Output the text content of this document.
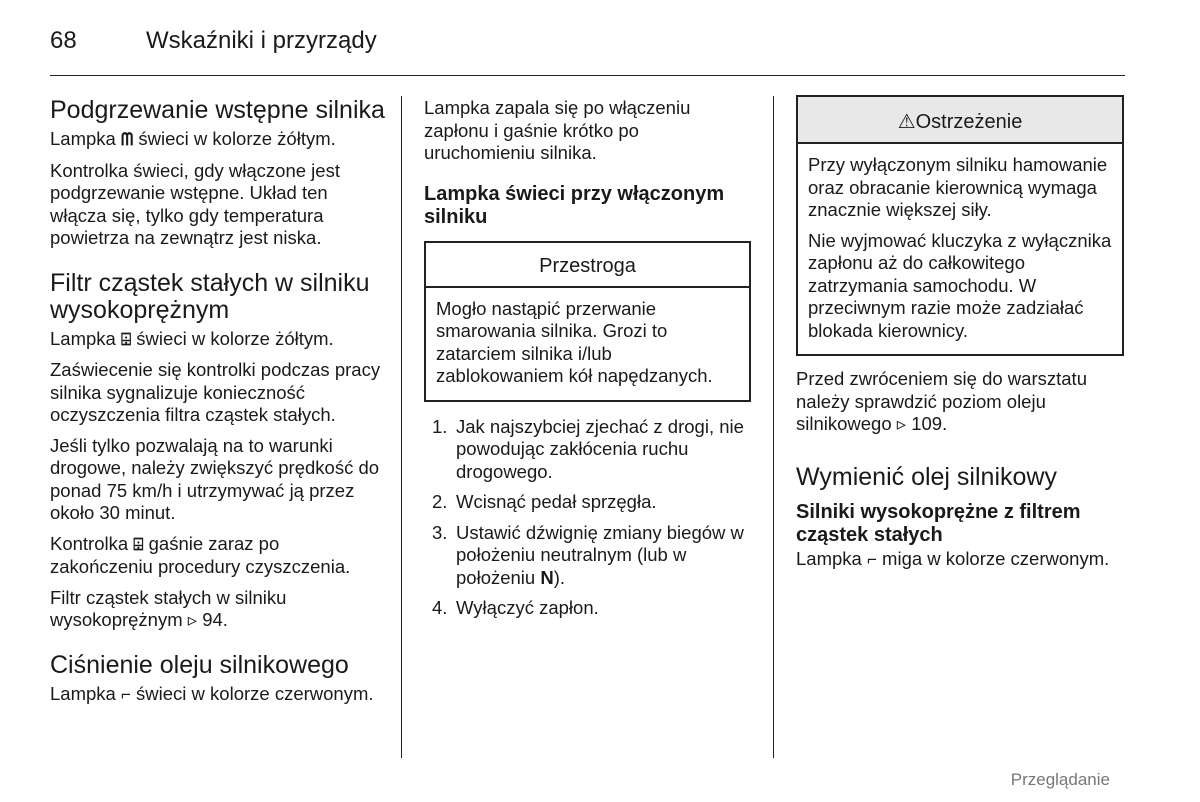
68	Wskaźniki i przyrządy
Podgrzewanie wstępne silnika

Lampka ᗰ świeci w kolorze żółtym.

Kontrolka świeci, gdy włączone jest podgrzewanie wstępne. Układ ten włącza się, tylko gdy temperatura powietrza na zewnątrz jest niska.

Filtr cząstek stałych w silniku wysokoprężnym

Lampka ⌹ świeci w kolorze żółtym.

Zaświecenie się kontrolki podczas pracy silnika sygnalizuje konieczność oczyszczenia filtra cząstek stałych.

Jeśli tylko pozwalają na to warunki drogowe, należy zwiększyć prędkość do ponad 75 km/h i utrzymywać ją przez około 30 minut.

Kontrolka ⌹ gaśnie zaraz po zakończeniu procedury czyszczenia.

Filtr cząstek stałych w silniku wysokoprężnym ▹ 94.

Ciśnienie oleju silnikowego

Lampka ⌐ świeci w kolorze czerwonym.

Lampka zapala się po włączeniu zapłonu i gaśnie krótko po uruchomieniu silnika.

Lampka świeci przy włączonym silniku
Przestroga

Mogło nastąpić przerwanie smarowania silnika. Grozi to zatarciem silnika i/lub zablokowaniem kół napędzanych.

1. Jak najszybciej zjechać z drogi, nie powodując zakłócenia ruchu drogowego.
2. Wcisnąć pedał sprzęgła.
3. Ustawić dźwignię zmiany biegów w położeniu neutralnym (lub w położeniu N).
4. Wyłączyć zapłon.
⚠Ostrzeżenie

Przy wyłączonym silniku hamowanie oraz obracanie kierownicą wymaga znacznie większej siły.

Nie wyjmować kluczyka z wyłącznika zapłonu aż do całkowitego zatrzymania samochodu. W przeciwnym razie może zadziałać blokada kierownicy.

Przed zwróceniem się do warsztatu należy sprawdzić poziom oleju silnikowego ▹ 109.

Wymienić olej silnikowy
Silniki wysokoprężne z filtrem cząstek stałych

Lampka ⌐ miga w kolorze czerwonym.

Przeglądanie
